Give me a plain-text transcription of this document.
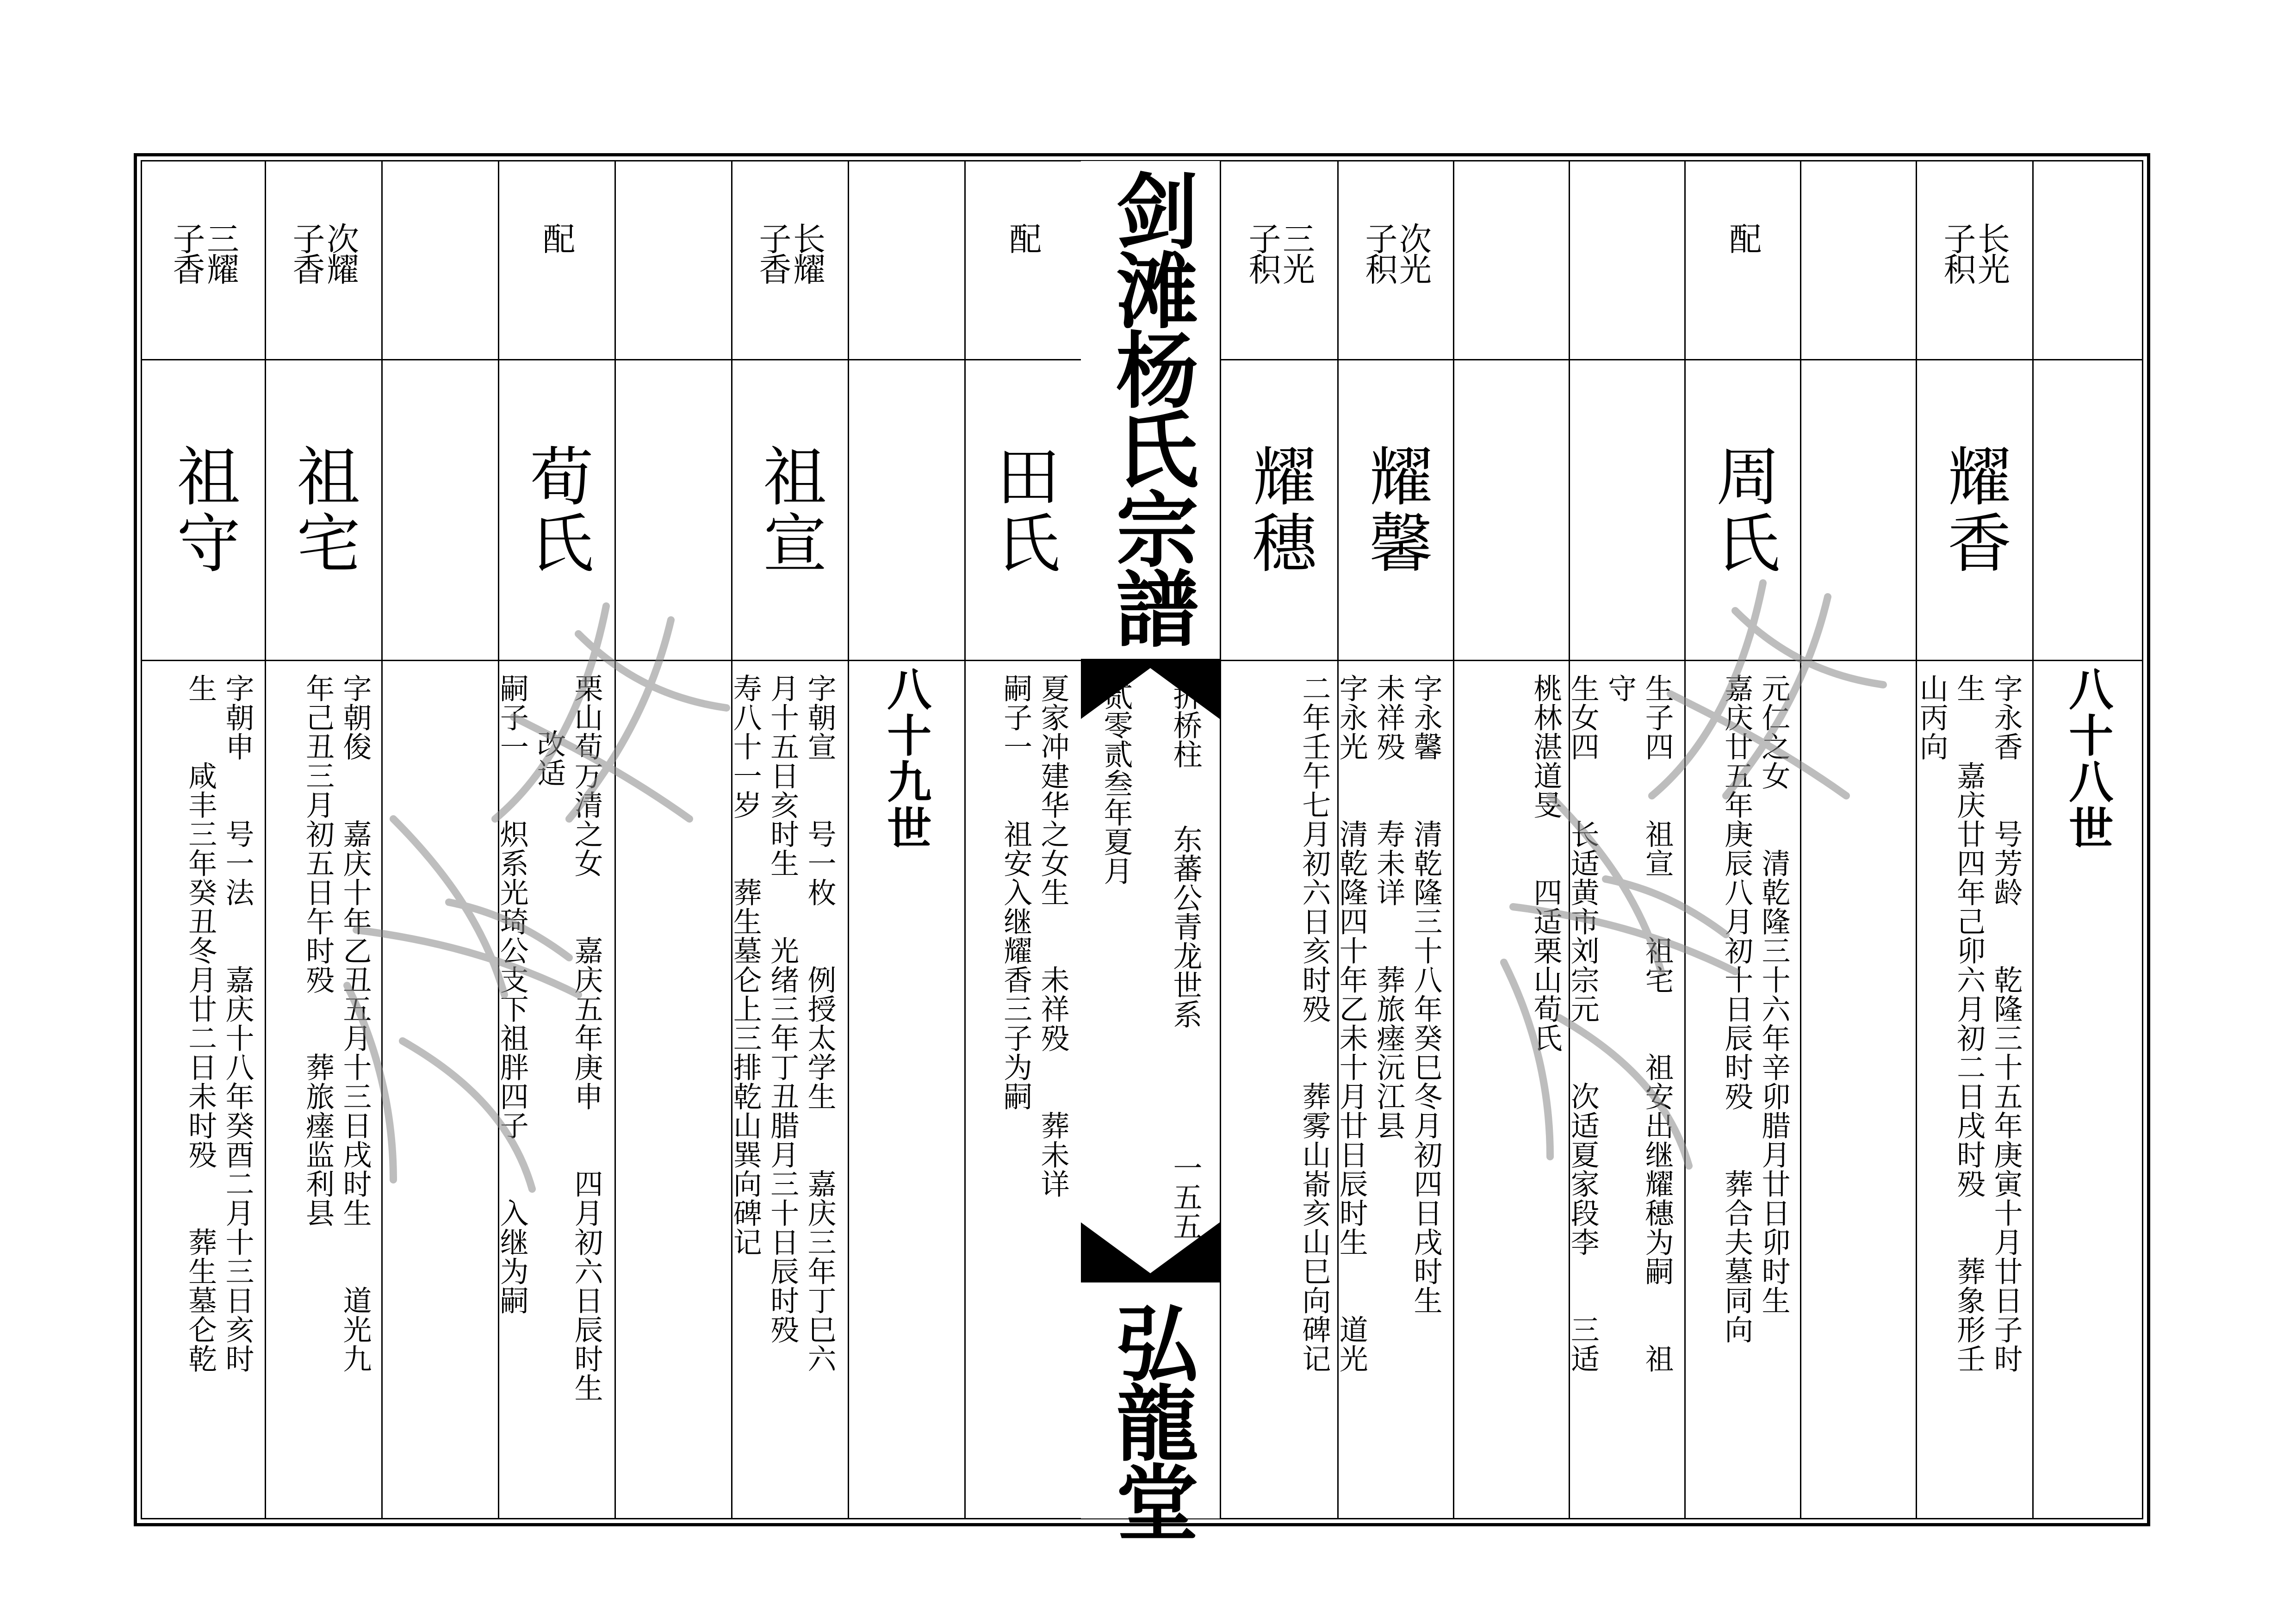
八十八世
长光
子积
耀香
字永香　　号芳龄　　乾隆三十五年庚寅十月廿日子时
生　　嘉庆廿四年己卯六月初二日戌时殁　　葬象形壬
山丙向
配
周氏
元仁之女　　清乾隆三十六年辛卯腊月廿日卯时生
嘉庆廿五年庚辰八月初十日辰时殁　　葬合夫墓同向
次光
子积
耀馨
生子四　　祖宣　　祖宅　　祖安出继耀穗为嗣　　祖
守
生女四　　长适黄市刘宗元　　次适夏家段李　　三适
桃林湛道旻　　四适栗山荀氏
三光
子积
耀穗
字永馨　　清乾隆三十八年癸巳冬月初四日戌时生
未祥殁　　寿未详　　葬旅瘗沅江县
字永光　　清乾隆四十年乙未十月廿日辰时生　　道光
二年壬午七月初六日亥时殁　　葬雾山嵛亥山巳向碑记
剑滩杨氏宗譜
折桥柱
东蕃公青龙世系
一五五
贰零贰叁年夏月
弘龍堂
配
田氏
夏家冲建华之女生　　未祥殁　　葬未详
嗣子一　　祖安入继耀香三子为嗣
八十九世
长耀
子香
祖宣
字朝宣　　号一枚　　例授太学生　　嘉庆三年丁巳六
月十五日亥时生　　光绪三年丁丑腊月三十日辰时殁
寿八十一岁　　葬生墓仑上三排乾山巽向碑记
配
荀氏
栗山荀万清之女　　嘉庆五年庚申　　四月初六日辰时生
改适
嗣子一　　炽系光琦公支下祖胖四子　　入继为嗣
次耀
子香
祖宅
字朝俊　　嘉庆十年乙丑五月十三日戌时生　　道光九
年己丑三月初五日午时殁　　葬旅瘗监利县
三耀
子香
祖守
字朝申　　号一法　　嘉庆十八年癸酉二月十三日亥时
生　　咸丰三年癸丑冬月廿二日未时殁　　葬生墓仑乾
